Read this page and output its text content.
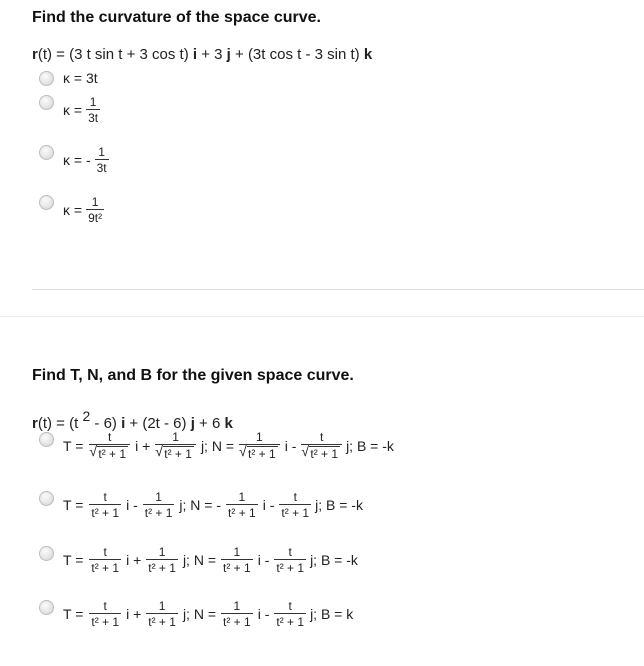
Find the curvature of the space curve.
r(t) = (3 t sin t + 3 cos t) i + 3 j + (3t cos t - 3 sin t) k
κ = 3t
$\kappa = \frac{1}{3t}$
κ = - $\frac{1}{3t}$
$\kappa = \frac{1}{\text{9t²}}$
Find T, N, and B for the given space curve.
r(t) = (t 2 - 6) i + (2t - 6) j + 6 k
T = t
√ t² + 1 i + 1
√ t² + 1 j; N = 1
√ t² + 1 i - t
√ t² + 1 j; B = -k
$T = \frac{t}{\text{t² + 1}}$ i - $\frac{1}{\text{t² + 1}} j$; N = - $\frac{1}{\text{t² + 1}}$ i - $\frac{t}{\text{t² + 1}} j$; B = -k
$T = \frac{t}{\text{t² + 1}}$ $i + \frac{1}{\text{t² + 1}} j$; $N = \frac{1}{\text{t² + 1}}$ i - $\frac{t}{\text{t² + 1}} j$; B = -k
$T = \frac{t}{\text{t² + 1}}$ $i + \frac{1}{\text{t² + 1}} j$; $N = \frac{1}{\text{t² + 1}}$ i - $\frac{t}{\text{t² + 1}} j$; B = k
